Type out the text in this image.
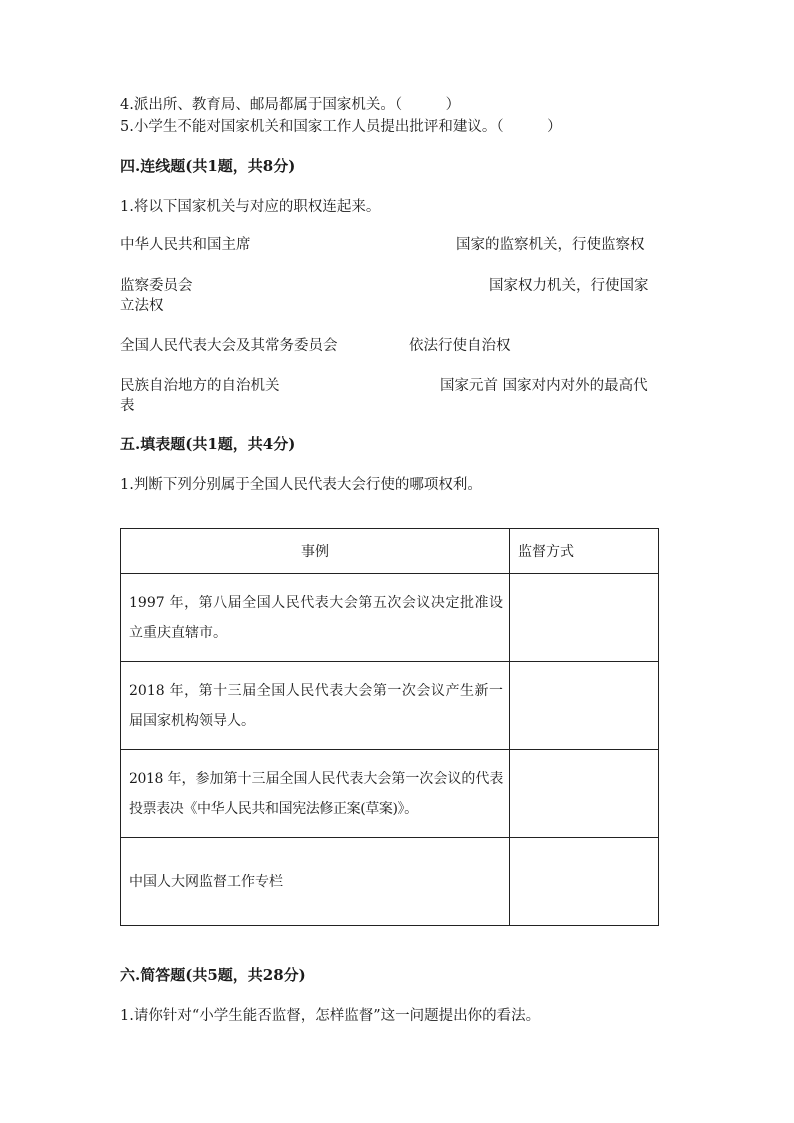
4.派出所、教育局、邮局都属于国家机关。（　　　）
5.小学生不能对国家机关和国家工作人员提出批评和建议。（　　　）
四.连线题(共1题，共8分)
1.将以下国家机关与对应的职权连起来。
中华人民共和国主席	国家的监察机关，行使监察权
监察委员会	国家权力机关，行使国家
立法权
全国人民代表大会及其常务委员会	依法行使自治权
民族自治地方的自治机关	国家元首 国家对内对外的最高代
表
五.填表题(共1题，共4分)
1.判断下列分别属于全国人民代表大会行使的哪项权利。
事例	监督方式
1997 年，第八届全国人民代表大会第五次会议决定批准设立重庆直辖市。	
2018 年，第十三届全国人民代表大会第一次会议产生新一届国家机构领导人。	
2018 年，参加第十三届全国人民代表大会第一次会议的代表投票表决《中华人民共和国宪法修正案(草案)》。	
中国人大网监督工作专栏	
六.简答题(共5题，共28分)
1.请你针对“小学生能否监督，怎样监督”这一问题提出你的看法。
